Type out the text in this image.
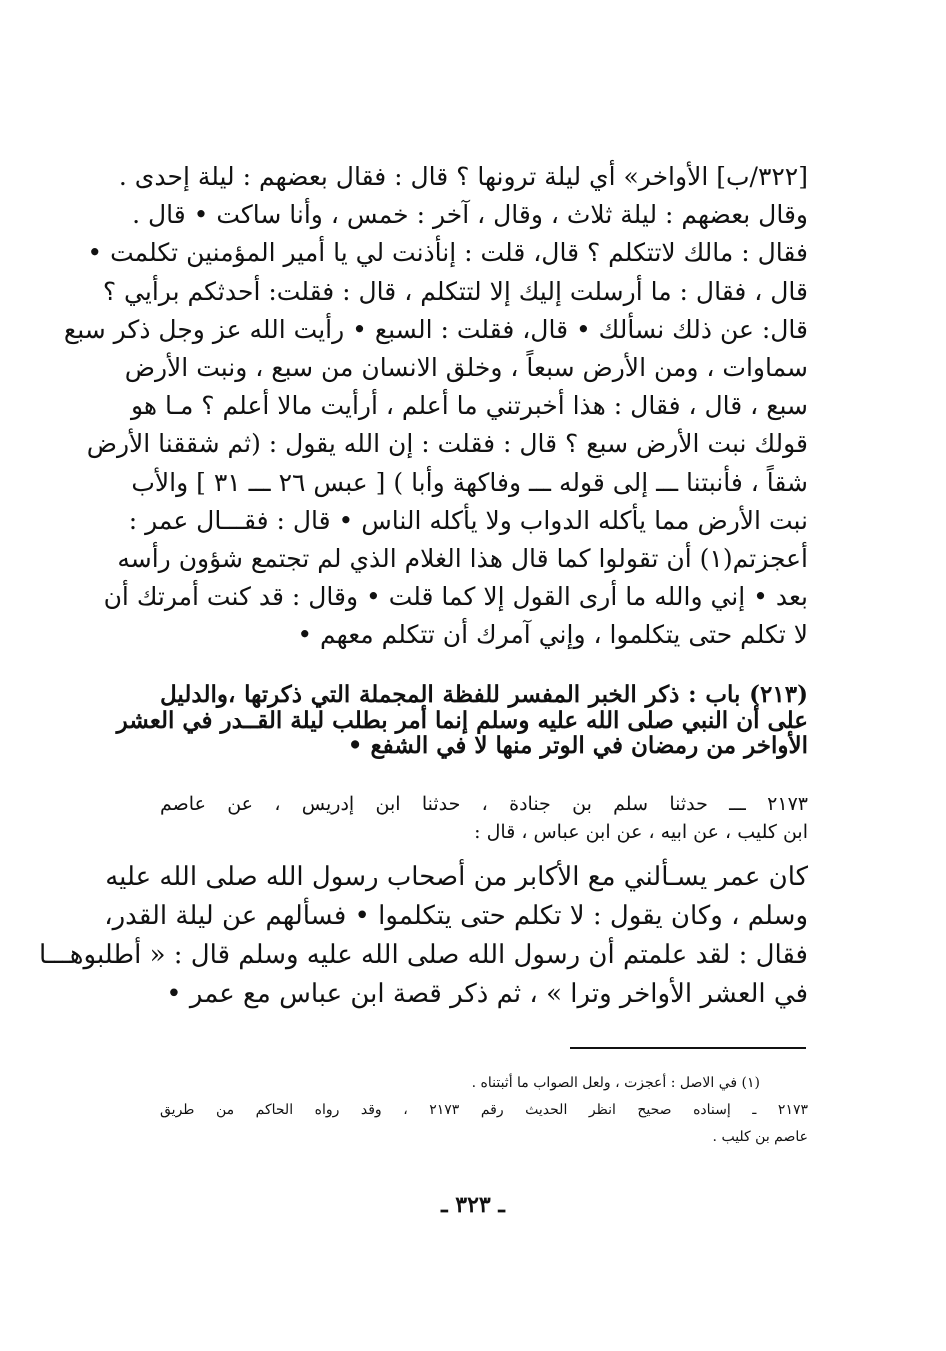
[٣٢٢/ب] الأواخر» أي ليلة ترونها ؟ قال : فقال بعضهم : ليلة إحدى .
وقال بعضهم : ليلة ثلاث ، وقال ، آخر : خمس ، وأنا ساكت • قال .
فقال : مالك لاتتكلم ؟ قال، قلت : إنأذنت لي يا أمير المؤمنين تكلمت •
قال ، فقال : ما أرسلت إليك إلا لتتكلم ، قال : فقلت: أحدثكم برأيي ؟
قال: عن ذلك نسألك • قال، فقلت : السبع • رأيت الله عز وجل ذكر سبع
سماوات ، ومن الأرض سبعاً ، وخلق الانسان من سبع ، ونبت الأرض
سبع ، قال ، فقال : هذا أخبرتني ما أعلم ، أرأيت مالا أعلم ؟ مـا هو
قولك نبت الأرض سبع ؟ قال : فقلت : إن الله يقول : (ثم شققنا الأرض
شقاً ، فأنبتنا ـــ إلى قوله ـــ وفاكهة وأبا ) [ عبس ٢٦ ـــ ٣١ ] والأب
نبت الأرض مما يأكله الدواب ولا يأكله الناس • قال : فقـــال عمر :
أعجزتم(١) أن تقولوا كما قال هذا الغلام الذي لم تجتمع شؤون رأسه
بعد • إني والله ما أرى القول إلا كما قلت • وقال : قد كنت أمرتك أن
لا تكلم حتى يتكلموا ، وإني آمرك أن تتكلم معهم •
(٢١٣) باب : ذكر الخبر المفسر للفظة المجملة التي ذكرتها ،والدليل
على أن النبي صلى الله عليه وسلم إنما أمر بطلب ليلة القــدر في العشر
الأواخر من رمضان في الوتر منها لا في الشفع •
٢١٧٣ ـــ حدثنا سلم بن جنادة ، حدثنا ابن إدريس ، عن عاصم
ابن كليب ، عن ابيه ، عن ابن عباس ، قال :
كان عمر يسـألني مع الأكابر من أصحاب رسول الله صلى الله عليه
وسلم ، وكان يقول : لا تكلم حتى يتكلموا • فسألهم عن ليلة القدر،
فقال : لقد علمتم أن رسول الله صلى الله عليه وسلم قال : « أطلبوهـــا
في العشر الأواخر وترا » ، ثم ذكر قصة ابن عباس مع عمر •
(١) في الاصل : أعجزت ، ولعل الصواب ما أثبتناه .
٢١٧٣ ـ إسناده صحيح انظر الحديث رقم ٢١٧٣ ، وقد رواه الحاكم من طريق
عاصم بن كليب .
ـ ٣٢٣ ـ
